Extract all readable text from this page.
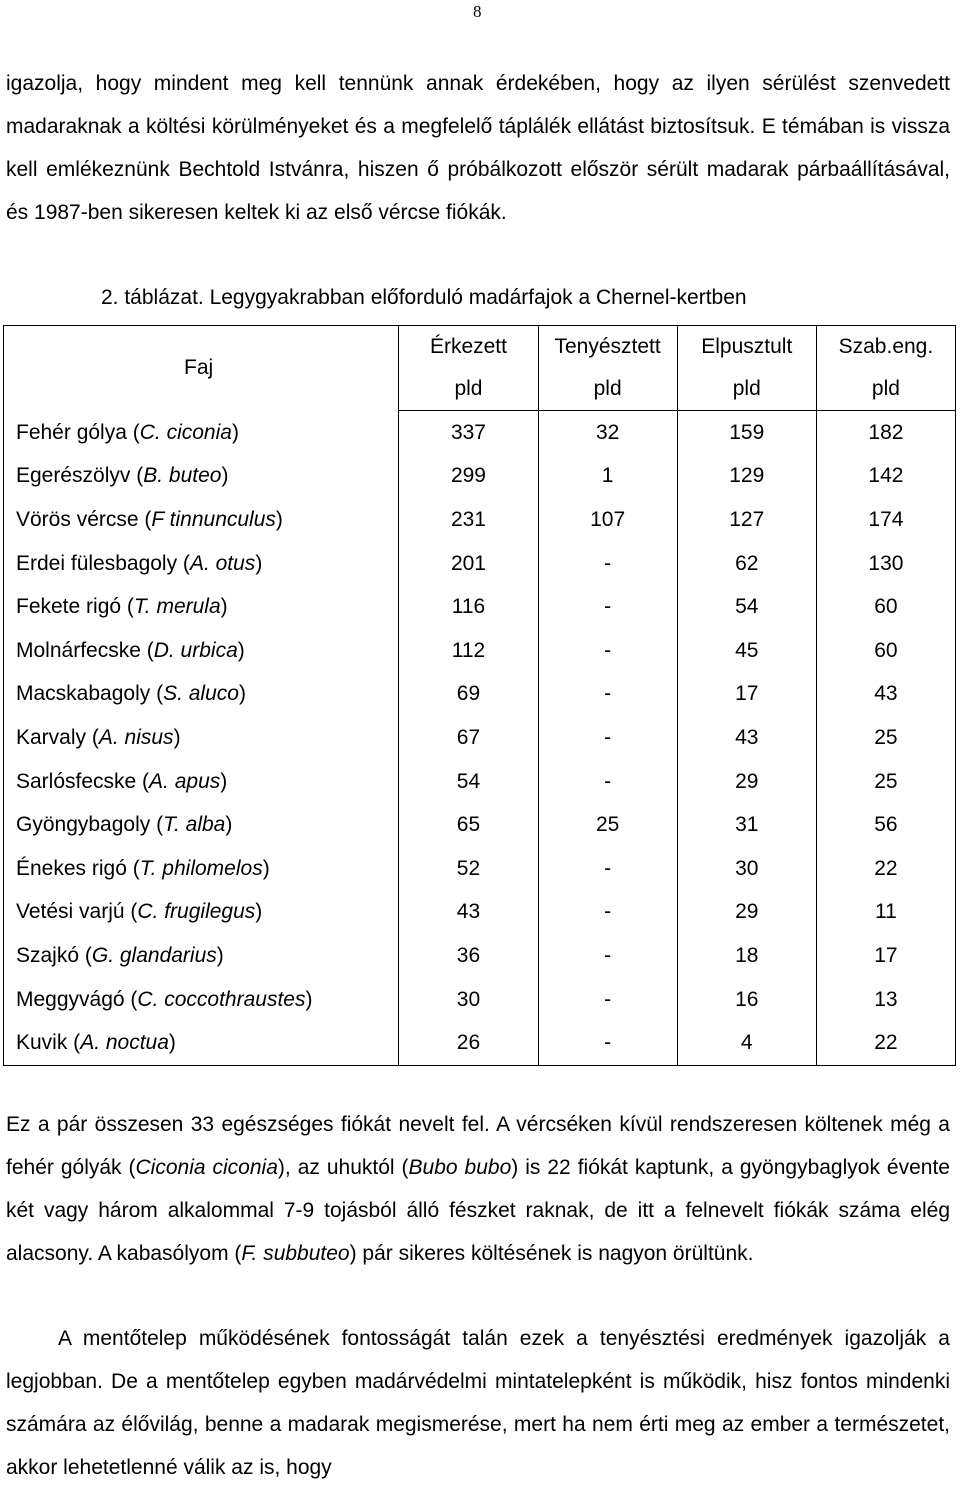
8

igazolja, hogy mindent meg kell tennünk annak érdekében, hogy az ilyen sérülést szenvedett madaraknak a költési körülményeket és a megfelelő táplálék ellátást biztosítsuk. E témában is vissza kell emlékeznünk Bechtold Istvánra, hiszen ő próbálkozott először sérült madarak párbaállításával, és 1987-ben sikeresen keltek ki az első vércse fiókák.

2. táblázat. Legygyakrabban előforduló madárfajok a Chernel-kertben
Faj	Érkezett	Tenyésztett	Elpusztult	Szab.eng.
	pld	pld	pld	pld
Fehér gólya (C. ciconia)	337	32	159	182
Egerészölyv (B. buteo)	299	1	129	142
Vörös vércse (F tinnunculus)	231	107	127	174
Erdei fülesbagoly (A. otus)	201	-	62	130
Fekete rigó (T. merula)	116	-	54	60
Molnárfecske (D. urbica)	112	-	45	60
Macskabagoly (S. aluco)	69	-	17	43
Karvaly (A. nisus)	67	-	43	25
Sarlósfecske (A. apus)	54	-	29	25
Gyöngybagoly (T. alba)	65	25	31	56
Énekes rigó (T. philomelos)	52	-	30	22
Vetési varjú (C. frugilegus)	43	-	29	11
Szajkó (G. glandarius)	36	-	18	17
Meggyvágó (C. coccothraustes)	30	-	16	13
Kuvik (A. noctua)	26	-	4	22

Ez a pár összesen 33 egészséges fiókát nevelt fel. A vércséken kívül rendszeresen költenek még a fehér gólyák (Ciconia ciconia), az uhuktól (Bubo bubo) is 22 fiókát kaptunk, a gyöngybaglyok évente két vagy három alkalommal 7-9 tojásból álló fészket raknak, de itt a felnevelt fiókák száma elég alacsony. A kabasólyom (F. subbuteo) pár sikeres költésének is nagyon örültünk.

A mentőtelep működésének fontosságát talán ezek a tenyésztési eredmények igazolják a legjobban. De a mentőtelep egyben madárvédelmi mintatelepként is működik, hisz fontos mindenki számára az élővilág, benne a madarak megismerése, mert ha nem érti meg az ember a természetet, akkor lehetetlenné válik az is, hogy
